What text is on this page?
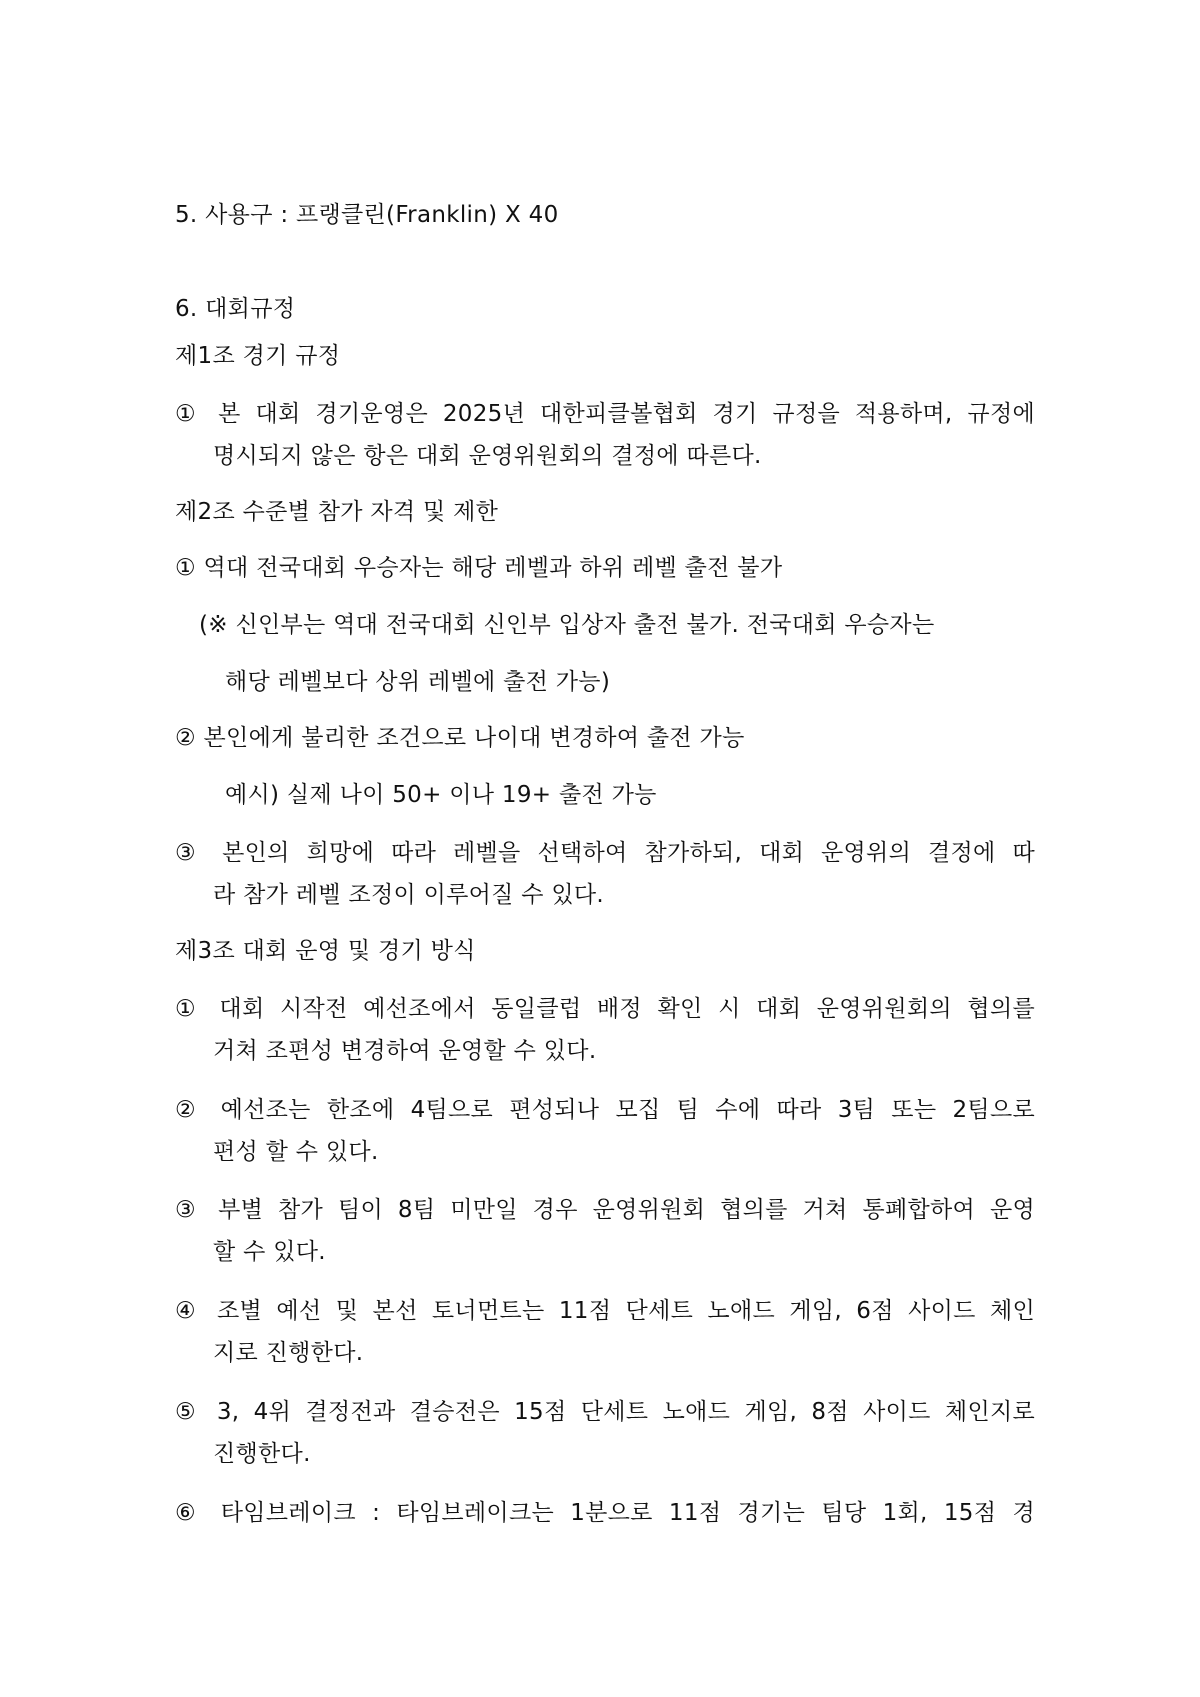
5. 사용구 : 프랭클린(Franklin) X 40
6. 대회규정
제1조 경기 규정
① 본 대회 경기운영은 2025년 대한피클볼협회 경기 규정을 적용하며, 규정에
명시되지 않은 항은 대회 운영위원회의 결정에 따른다.
제2조 수준별 참가 자격 및 제한
① 역대 전국대회 우승자는 해당 레벨과 하위 레벨 출전 불가
(※ 신인부는 역대 전국대회 신인부 입상자 출전 불가. 전국대회 우승자는
해당 레벨보다 상위 레벨에 출전 가능)
② 본인에게 불리한 조건으로 나이대 변경하여 출전 가능
예시) 실제 나이 50+ 이나 19+ 출전 가능
③ 본인의 희망에 따라 레벨을 선택하여 참가하되, 대회 운영위의 결정에 따
라 참가 레벨 조정이 이루어질 수 있다.
제3조 대회 운영 및 경기 방식
① 대회 시작전 예선조에서 동일클럽 배정 확인 시 대회 운영위원회의 협의를
거쳐 조편성 변경하여 운영할 수 있다.
② 예선조는 한조에 4팀으로 편성되나 모집 팀 수에 따라 3팀 또는 2팀으로
편성 할 수 있다.
③ 부별 참가 팀이 8팀 미만일 경우 운영위원회 협의를 거쳐 통폐합하여 운영
할 수 있다.
④ 조별 예선 및 본선 토너먼트는 11점 단세트 노애드 게임, 6점 사이드 체인
지로 진행한다.
⑤ 3, 4위 결정전과 결승전은 15점 단세트 노애드 게임, 8점 사이드 체인지로
진행한다.
⑥ 타임브레이크 : 타임브레이크는 1분으로 11점 경기는 팀당 1회, 15점 경
